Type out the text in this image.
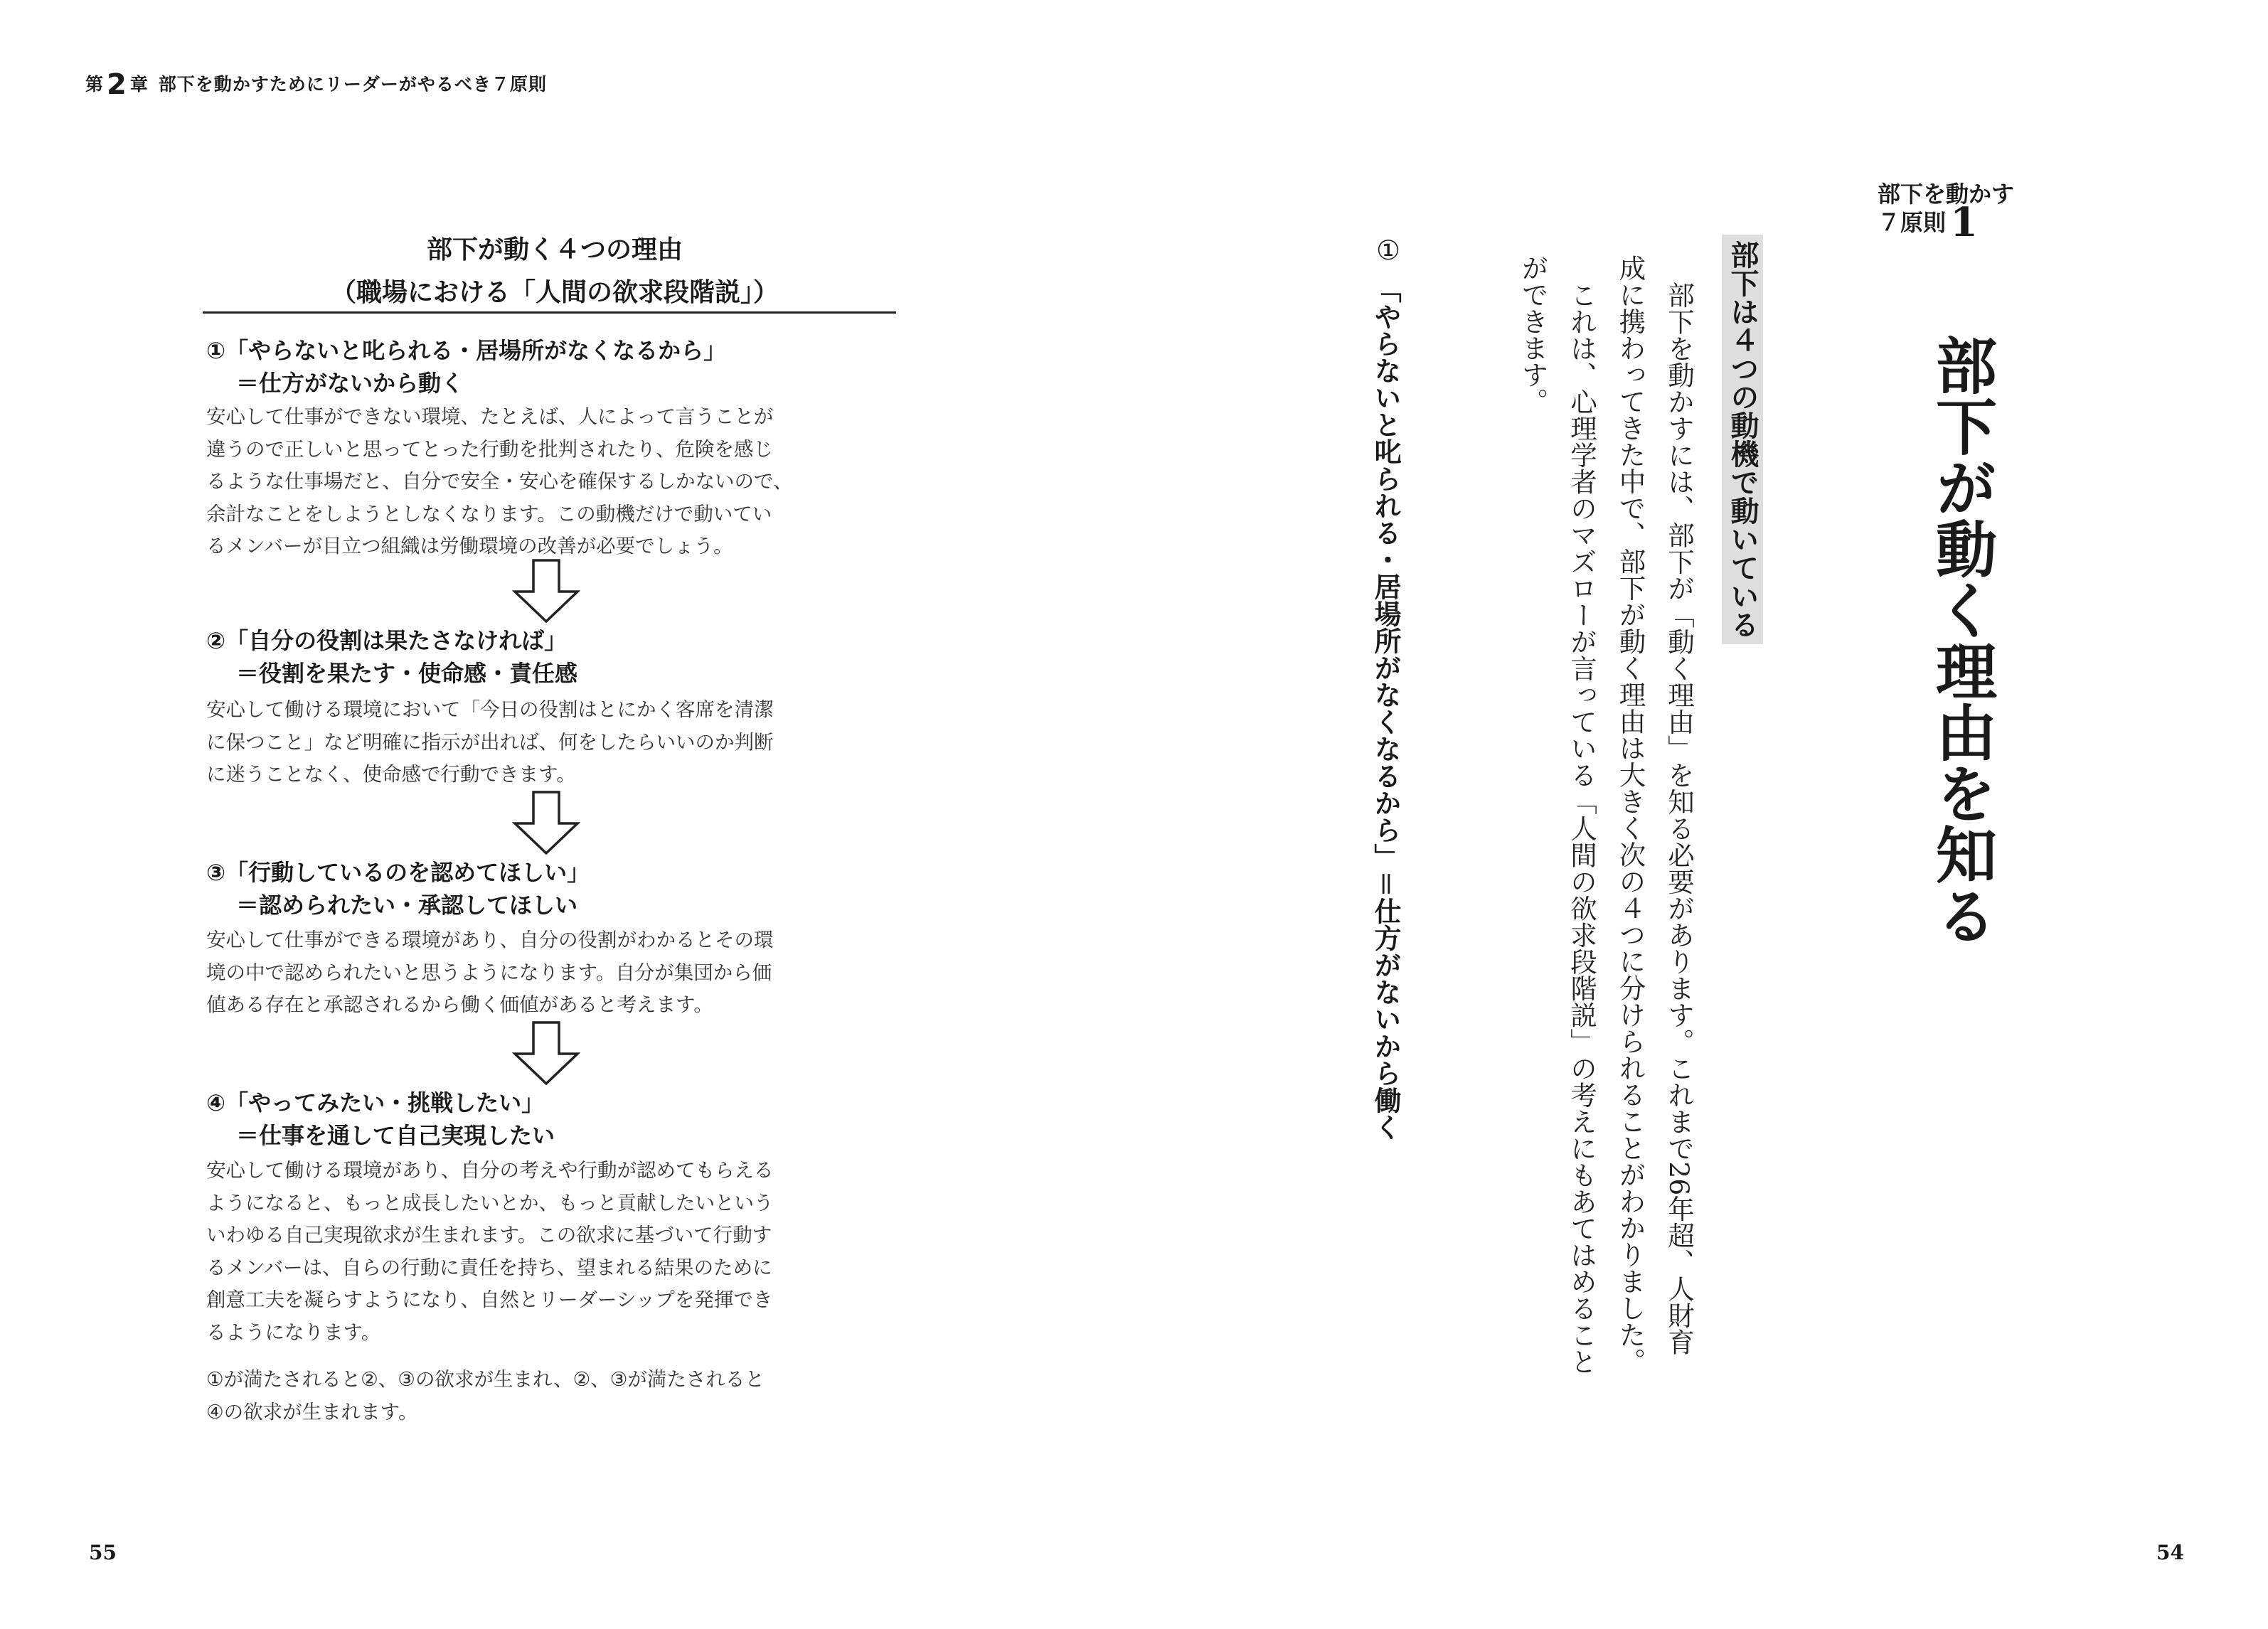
第 2 章 部下を動かすためにリーダーがやるべき７原則
部下が動く４つの理由
（職場における「人間の欲求段階説」）
①「やらないと叱られる・居場所がなくなるから」
＝仕方がないから動く
安心して仕事ができない環境、たとえば、人によって言うことが
違うので正しいと思ってとった行動を批判されたり、危険を感じ
るような仕事場だと、自分で安全・安心を確保するしかないので、
余計なことをしようとしなくなります。この動機だけで動いてい
るメンバーが目立つ組織は労働環境の改善が必要でしょう。
②「自分の役割は果たさなければ」
＝役割を果たす・使命感・責任感
安心して働ける環境において「今日の役割はとにかく客席を清潔
に保つこと」など明確に指示が出れば、何をしたらいいのか判断
に迷うことなく、使命感で行動できます。
③「行動しているのを認めてほしい」
＝認められたい・承認してほしい
安心して仕事ができる環境があり、自分の役割がわかるとその環
境の中で認められたいと思うようになります。自分が集団から価
値ある存在と承認されるから働く価値があると考えます。
④「やってみたい・挑戦したい」
＝仕事を通して自己実現したい
安心して働ける環境があり、自分の考えや行動が認めてもらえる
ようになると、もっと成長したいとか、もっと貢献したいという
いわゆる自己実現欲求が生まれます。この欲求に基づいて行動す
るメンバーは、自らの行動に責任を持ち、望まれる結果のために
創意工夫を凝らすようになり、自然とリーダーシップを発揮でき
るようになります。
①が満たされると②、③の欲求が生まれ、②、③が満たされると
④の欲求が生まれます。
55
部下を動かす
７原則 1
部下が動く理由を知る
部下は４つの動機で動いている

部下を動かすには、部下が「動く理由」を知る必要があります。これまで26年超、人財育成に携わってきた中で、部下が動く理由は大きく次の４つに分けられることがわかりました。

これは、心理学者のマズローが言っている「人間の欲求段階説」の考えにもあてはめることができます。

①
「やらないと叱られる・居場所がなくなるから」＝仕方がないから働く
54
